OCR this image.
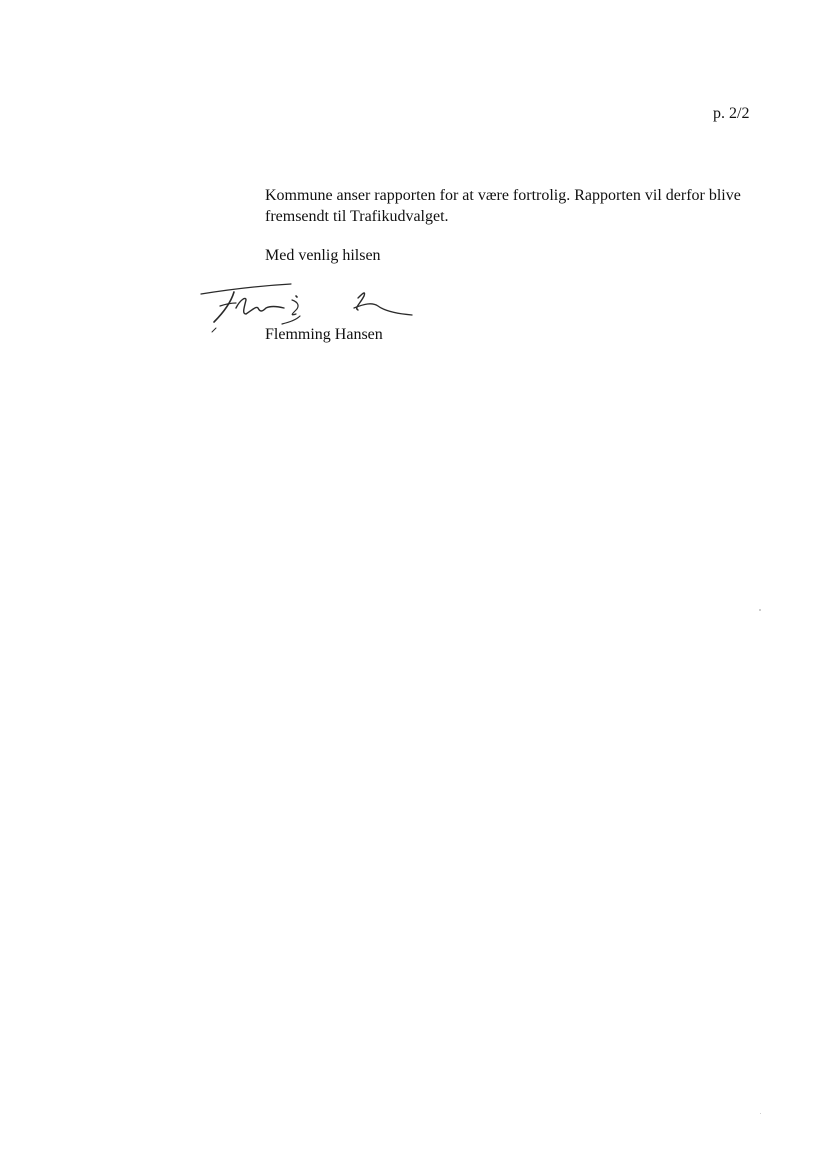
p. 2/2
Kommune anser rapporten for at være fortrolig. Rapporten vil derfor blive
fremsendt til Trafikudvalget.
Med venlig hilsen
Flemming Hansen
